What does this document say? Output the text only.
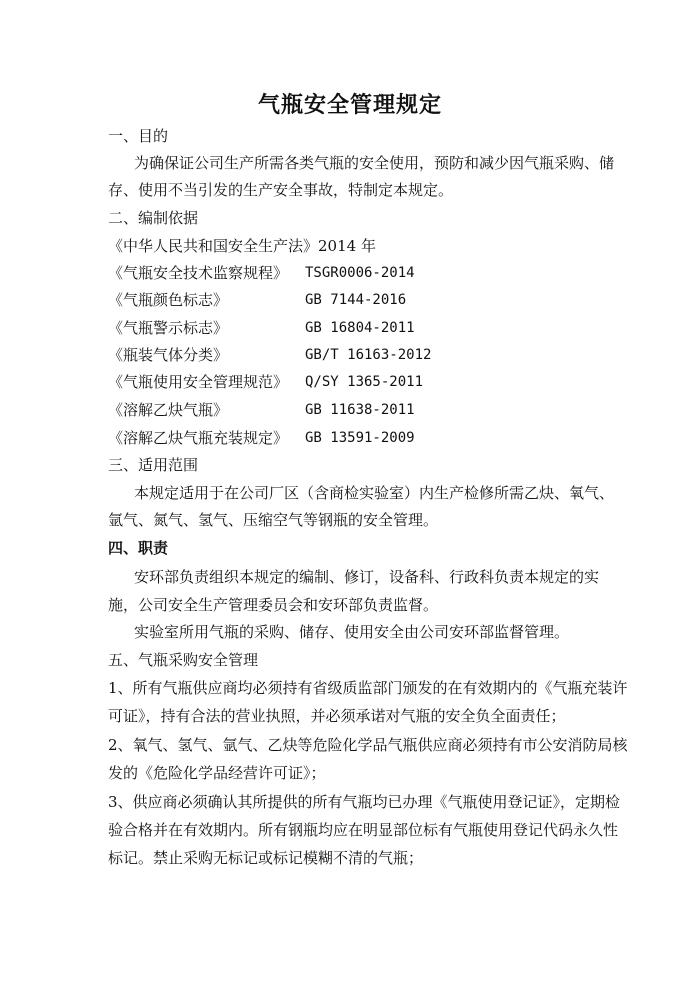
气瓶安全管理规定
一、目的
为确保证公司生产所需各类气瓶的安全使用，预防和减少因气瓶采购、储
存、使用不当引发的生产安全事故，特制定本规定。
二、编制依据
《中华人民共和国安全生产法》2014 年
《气瓶安全技术监察规程》 TSGR0006-2014
《气瓶颜色标志》	GB 7144-2016
《气瓶警示标志》	GB 16804-2011
《瓶装气体分类》	GB/T 16163-2012
《气瓶使用安全管理规范》 Q/SY 1365-2011
《溶解乙炔气瓶》	GB 11638-2011
《溶解乙炔气瓶充装规定》 GB 13591-2009
三、适用范围
本规定适用于在公司厂区（含商检实验室）内生产检修所需乙炔、氧气、
氩气、氮气、氢气、压缩空气等钢瓶的安全管理。
四、职责
安环部负责组织本规定的编制、修订，设备科、行政科负责本规定的实
施，公司安全生产管理委员会和安环部负责监督。
实验室所用气瓶的采购、储存、使用安全由公司安环部监督管理。
五、气瓶采购安全管理
1、所有气瓶供应商均必须持有省级质监部门颁发的在有效期内的《气瓶充装许
可证》，持有合法的营业执照，并必须承诺对气瓶的安全负全面责任；
2、氧气、氢气、氩气、乙炔等危险化学品气瓶供应商必须持有市公安消防局核
发的《危险化学品经营许可证》；
3、供应商必须确认其所提供的所有气瓶均已办理《气瓶使用登记证》，定期检
验合格并在有效期内。所有钢瓶均应在明显部位标有气瓶使用登记代码永久性
标记。禁止采购无标记或标记模糊不清的气瓶；
